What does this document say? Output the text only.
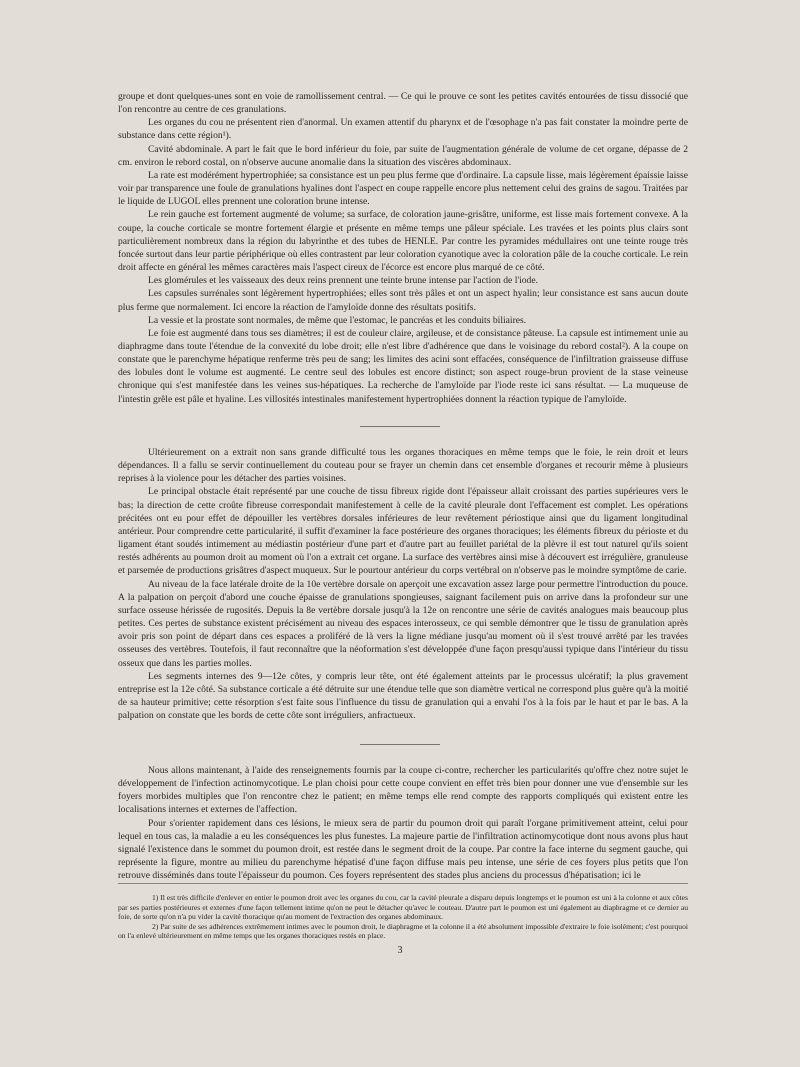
groupe et dont quelques-unes sont en voie de ramollissement central. — Ce qui le prouve ce sont les petites cavités entourées de tissu dissocié que l'on rencontre au centre de ces granulations.

Les organes du cou ne présentent rien d'anormal. Un examen attentif du pharynx et de l'œsophage n'a pas fait constater la moindre perte de substance dans cette région¹).

Cavité abdominale. A part le fait que le bord inférieur du foie, par suite de l'augmentation générale de volume de cet organe, dépasse de 2 cm. environ le rebord costal, on n'observe aucune anomalie dans la situation des viscères abdominaux.

La rate est modérément hypertrophiée; sa consistance est un peu plus ferme que d'ordinaire. La capsule lisse, mais légèrement épaissie laisse voir par transparence une foule de granulations hyalines dont l'aspect en coupe rappelle encore plus nettement celui des grains de sagou. Traitées par le liquide de LUGOL elles prennent une coloration brune intense.

Le rein gauche est fortement augmenté de volume; sa surface, de coloration jaune-grisâtre, uniforme, est lisse mais fortement convexe. A la coupe, la couche corticale se montre fortement élargie et présente en même temps une pâleur spéciale. Les travées et les points plus clairs sont particulièrement nombreux dans la région du labyrinthe et des tubes de HENLE. Par contre les pyramides médullaires ont une teinte rouge très foncée surtout dans leur partie périphérique où elles contrastent par leur coloration cyanotique avec la coloration pâle de la couche corticale. Le rein droit affecte en général les mêmes caractères mais l'aspect cireux de l'écorce est encore plus marqué de ce côté.

Les glomérules et les vaisseaux des deux reins prennent une teinte brune intense par l'action de l'iode.

Les capsules surrénales sont légèrement hypertrophiées; elles sont très pâles et ont un aspect hyalin; leur consistance est sans aucun doute plus ferme que normalement. Ici encore la réaction de l'amyloïde donne des résultats positifs.

La vessie et la prostate sont normales, de même que l'estomac, le pancréas et les conduits biliaires.

Le foie est augmenté dans tous ses diamètres; il est de couleur claire, argileuse, et de consistance pâteuse. La capsule est intimement unie au diaphragme dans toute l'étendue de la convexité du lobe droit; elle n'est libre d'adhérence que dans le voisinage du rebord costal²). A la coupe on constate que le parenchyme hépatique renferme très peu de sang; les limites des acini sont effacées, conséquence de l'infiltration graisseuse diffuse des lobules dont le volume est augmenté. Le centre seul des lobules est encore distinct; son aspect rouge-brun provient de la stase veineuse chronique qui s'est manifestée dans les veines sus-hépatiques. La recherche de l'amyloïde par l'iode reste ici sans résultat. — La muqueuse de l'intestin grêle est pâle et hyaline. Les villosités intestinales manifestement hypertrophiées donnent la réaction typique de l'amyloïde.

Ultérieurement on a extrait non sans grande difficulté tous les organes thoraciques en même temps que le foie, le rein droit et leurs dépendances. Il a fallu se servir continuellement du couteau pour se frayer un chemin dans cet ensemble d'organes et recourir même à plusieurs reprises à la violence pour les détacher des parties voisines.

Le principal obstacle était représenté par une couche de tissu fibreux rigide dont l'épaisseur allait croissant des parties supérieures vers le bas; la direction de cette croûte fibreuse correspondait manifestement à celle de la cavité pleurale dont l'effacement est complet. Les opérations précitées ont eu pour effet de dépouiller les vertèbres dorsales inférieures de leur revêtement périostique ainsi que du ligament longitudinal antérieur. Pour comprendre cette particularité, il suffit d'examiner la face postérieure des organes thoraciques; les éléments fibreux du périoste et du ligament étant soudés intimement au médiastin postérieur d'une part et d'autre part au feuillet pariétal de la plèvre il est tout naturel qu'ils soient restés adhérents au poumon droit au moment où l'on a extrait cet organe. La surface des vertèbres ainsi mise à découvert est irrégulière, granuleuse et parsemée de productions grisâtres d'aspect muqueux. Sur le pourtour antérieur du corps vertébral on n'observe pas le moindre symptôme de carie.

Au niveau de la face latérale droite de la 10e vertèbre dorsale on aperçoit une excavation assez large pour permettre l'introduction du pouce. A la palpation on perçoit d'abord une couche épaisse de granulations spongieuses, saignant facilement puis on arrive dans la profondeur sur une surface osseuse hérissée de rugosités. Depuis la 8e vertèbre dorsale jusqu'à la 12e on rencontre une série de cavités analogues mais beaucoup plus petites. Ces pertes de substance existent précisément au niveau des espaces interosseux, ce qui semble démontrer que le tissu de granulation après avoir pris son point de départ dans ces espaces a proliféré de là vers la ligne médiane jusqu'au moment où il s'est trouvé arrêté par les travées osseuses des vertèbres. Toutefois, il faut reconnaître que la néoformation s'est développée d'une façon presqu'aussi typique dans l'intérieur du tissu osseux que dans les parties molles.

Les segments internes des 9—12e côtes, y compris leur tête, ont été également atteints par le processus ulcératif; la plus gravement entreprise est la 12e côté. Sa substance corticale a été détruite sur une étendue telle que son diamètre vertical ne correspond plus guère qu'à la moitié de sa hauteur primitive; cette résorption s'est faite sous l'influence du tissu de granulation qui a envahi l'os à la fois par le haut et par le bas. A la palpation on constate que les bords de cette côte sont irréguliers, anfractueux.

Nous allons maintenant, à l'aide des renseignements fournis par la coupe ci-contre, rechercher les particularités qu'offre chez notre sujet le développement de l'infection actinomycotique. Le plan choisi pour cette coupe convient en effet très bien pour donner une vue d'ensemble sur les foyers morbides multiples que l'on rencontre chez le patient; en même temps elle rend compte des rapports compliqués qui existent entre les localisations internes et externes de l'affection.

Pour s'orienter rapidement dans ces lésions, le mieux sera de partir du poumon droit qui paraît l'organe primitivement atteint, celui pour lequel en tous cas, la maladie a eu les conséquences les plus funestes. La majeure partie de l'infiltration actinomycotique dont nous avons plus haut signalé l'existence dans le sommet du poumon droit, est restée dans le segment droit de la coupe. Par contre la face interne du segment gauche, qui représente la figure, montre au milieu du parenchyme hépatisé d'une façon diffuse mais peu intense, une série de ces foyers plus petits que l'on retrouve disséminés dans toute l'épaisseur du poumon. Ces foyers représentent des stades plus anciens du processus d'hépatisation; ici le

1) Il est très difficile d'enlever en entier le poumon droit avec les organes du cou, car la cavité pleurale a disparu depuis longtemps et le poumon est uni à la colonne et aux côtes par ses parties postérieures et externes d'une façon tellement intime qu'on ne peut le détacher qu'avec le couteau. D'autre part le poumon est uni également au diaphragme et ce dernier au foie, de sorte qu'on n'a pu vider la cavité thoracique qu'au moment de l'extraction des organes abdominaux.

2) Par suite de ses adhérences extrêmement intimes avec le poumon droit, le diaphragme et la colonne il a été absolument impossible d'extraire le foie isolément; c'est pourquoi on l'a enlevé ultérieurement en même temps que les organes thoraciques restés en place.

3
